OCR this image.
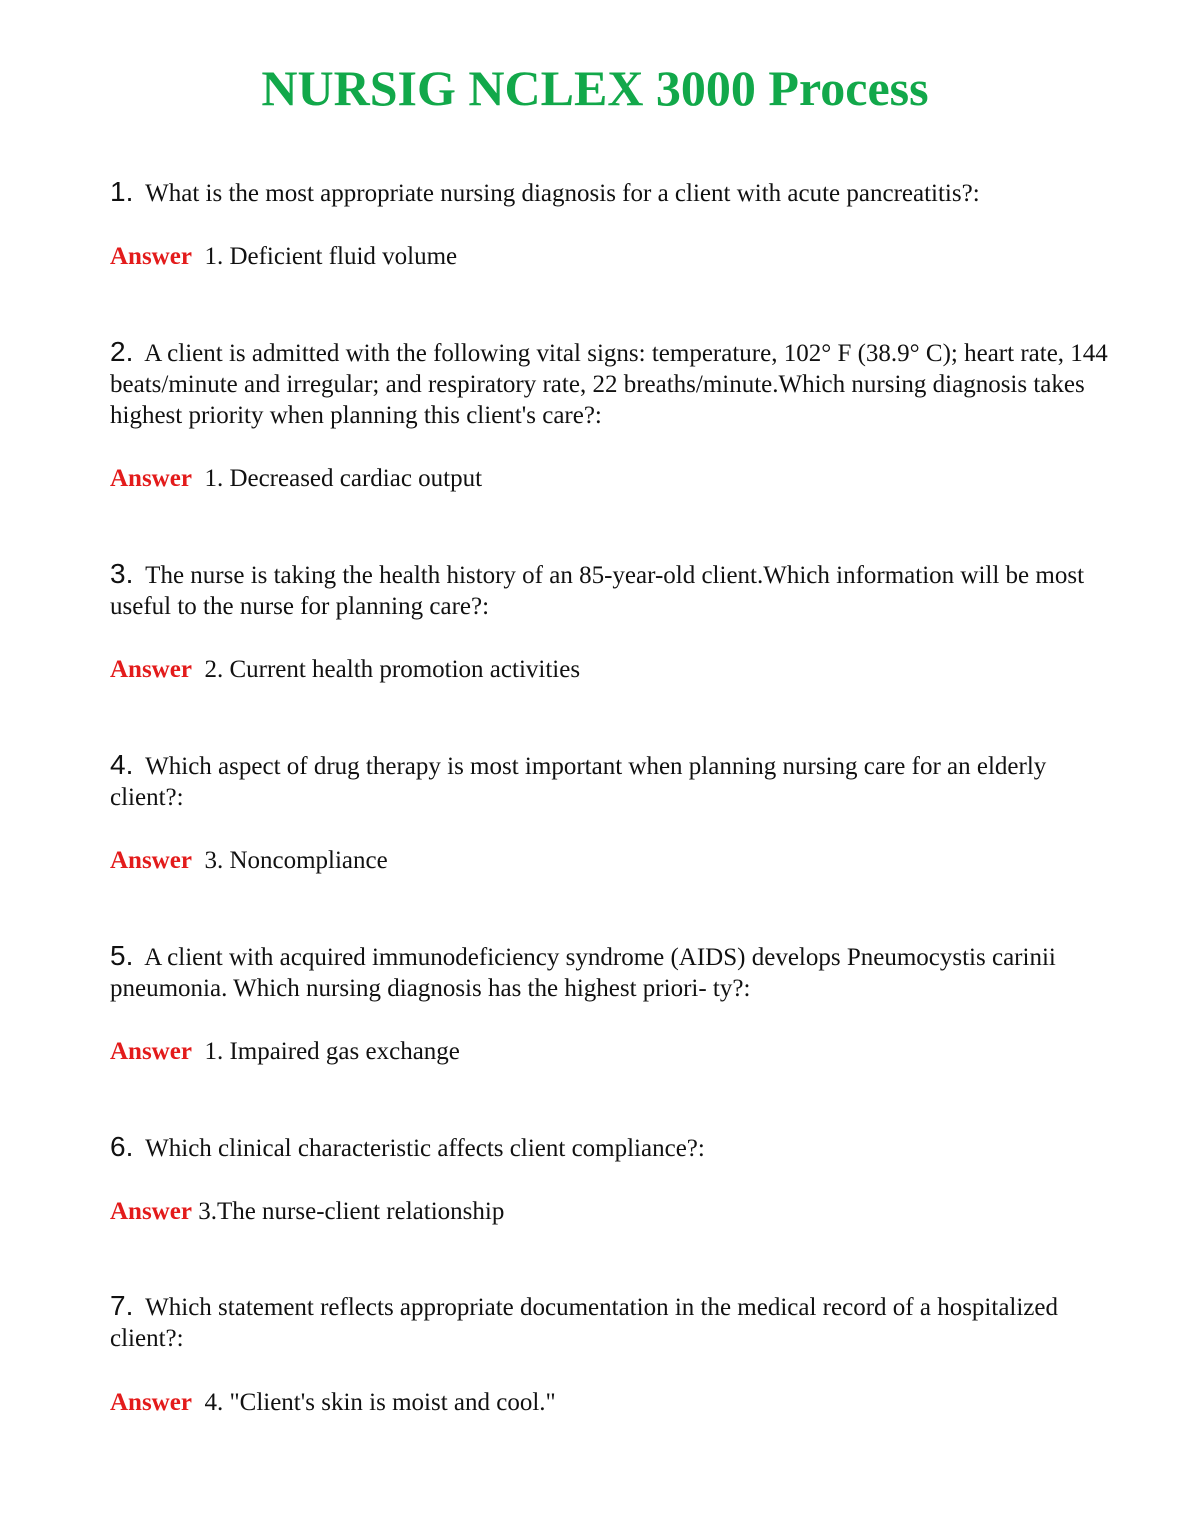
NURSIG NCLEX 3000 Process

1. What is the most appropriate nursing diagnosis for a client with acute pancreatitis?:

Answer 1. Deficient fluid volume

2. A client is admitted with the following vital signs: temperature, 102° F (38.9° C); heart rate, 144 beats/minute and irregular; and respiratory rate, 22 breaths/minute.Which nursing diagnosis takes highest priority when planning this client's care?:

Answer 1. Decreased cardiac output

3. The nurse is taking the health history of an 85-year-old client.Which information will be most useful to the nurse for planning care?:

Answer 2. Current health promotion activities

4. Which aspect of drug therapy is most important when planning nursing care for an elderly client?:

Answer 3. Noncompliance

5. A client with acquired immunodeficiency syndrome (AIDS) develops Pneumocystis carinii pneumonia. Which nursing diagnosis has the highest priori- ty?:

Answer 1. Impaired gas exchange

6. Which clinical characteristic affects client compliance?:

Answer 3.The nurse-client relationship

7. Which statement reflects appropriate documentation in the medical record of a hospitalized client?:

Answer 4. "Client's skin is moist and cool."
